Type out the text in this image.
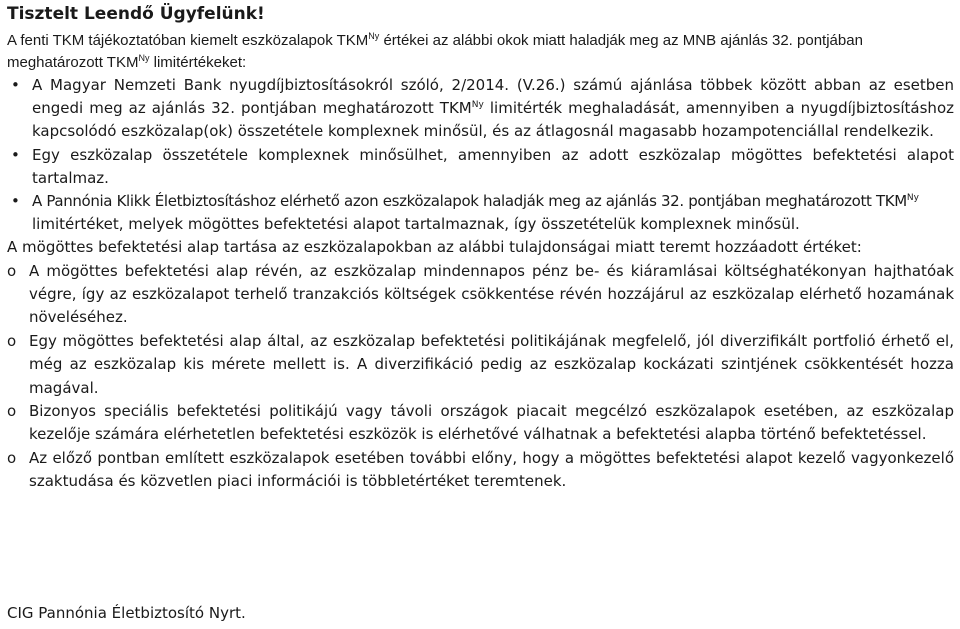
Tisztelt Leendő Ügyfelünk!

A fenti TKM tájékoztatóban kiemelt eszközalapok $TKM^{Ny}$ értékei az alábbi okok miatt haladják meg az MNB ajánlás 32. pontjában meghatározott $TKM^{Ny}$ limitértékeket:

• A Magyar Nemzeti Bank nyugdíjbiztosításokról szóló, 2/2014. (V.26.) számú ajánlása többek között abban az esetben engedi meg az ajánlás 32. pontjában meghatározott $TKM^{Ny}$ limitérték meghaladását, amennyiben a nyugdíjbiztosításhoz kapcsolódó eszközalap(ok) összetétele komplexnek minősül, és az átlagosnál magasabb hozampotenciállal rendelkezik.
• Egy eszközalap összetétele komplexnek minősülhet, amennyiben az adott eszközalap mögöttes befektetési alapot tartalmaz.
• A Pannónia Klikk Életbiztosításhoz elérhető azon eszközalapok haladják meg az ajánlás 32. pontjában meghatározott $TKM^{Ny}$ limitértéket, melyek mögöttes befektetési alapot tartalmaznak, így összetételük komplexnek minősül.

A mögöttes befektetési alap tartása az eszközalapokban az alábbi tulajdonságai miatt teremt hozzáadott értéket:

o A mögöttes befektetési alap révén, az eszközalap mindennapos pénz be- és kiáramlásai költséghatékonyan hajthatóak végre, így az eszközalapot terhelő tranzakciós költségek csökkentése révén hozzájárul az eszközalap elérhető hozamának növeléséhez.
o Egy mögöttes befektetési alap által, az eszközalap befektetési politikájának megfelelő, jól diverzifikált portfolió érhető el, még az eszközalap kis mérete mellett is. A diverzifikáció pedig az eszközalap kockázati szintjének csökkentését hozza magával.
o Bizonyos speciális befektetési politikájú vagy távoli országok piacait megcélzó eszközalapok esetében, az eszközalap kezelője számára elérhetetlen befektetési eszközök is elérhetővé válhatnak a befektetési alapba történő befektetéssel.
o Az előző pontban említett eszközalapok esetében további előny, hogy a mögöttes befektetési alapot kezelő vagyonkezelő szaktudása és közvetlen piaci információi is többletértéket teremtenek.
CIG Pannónia Életbiztosító Nyrt.
